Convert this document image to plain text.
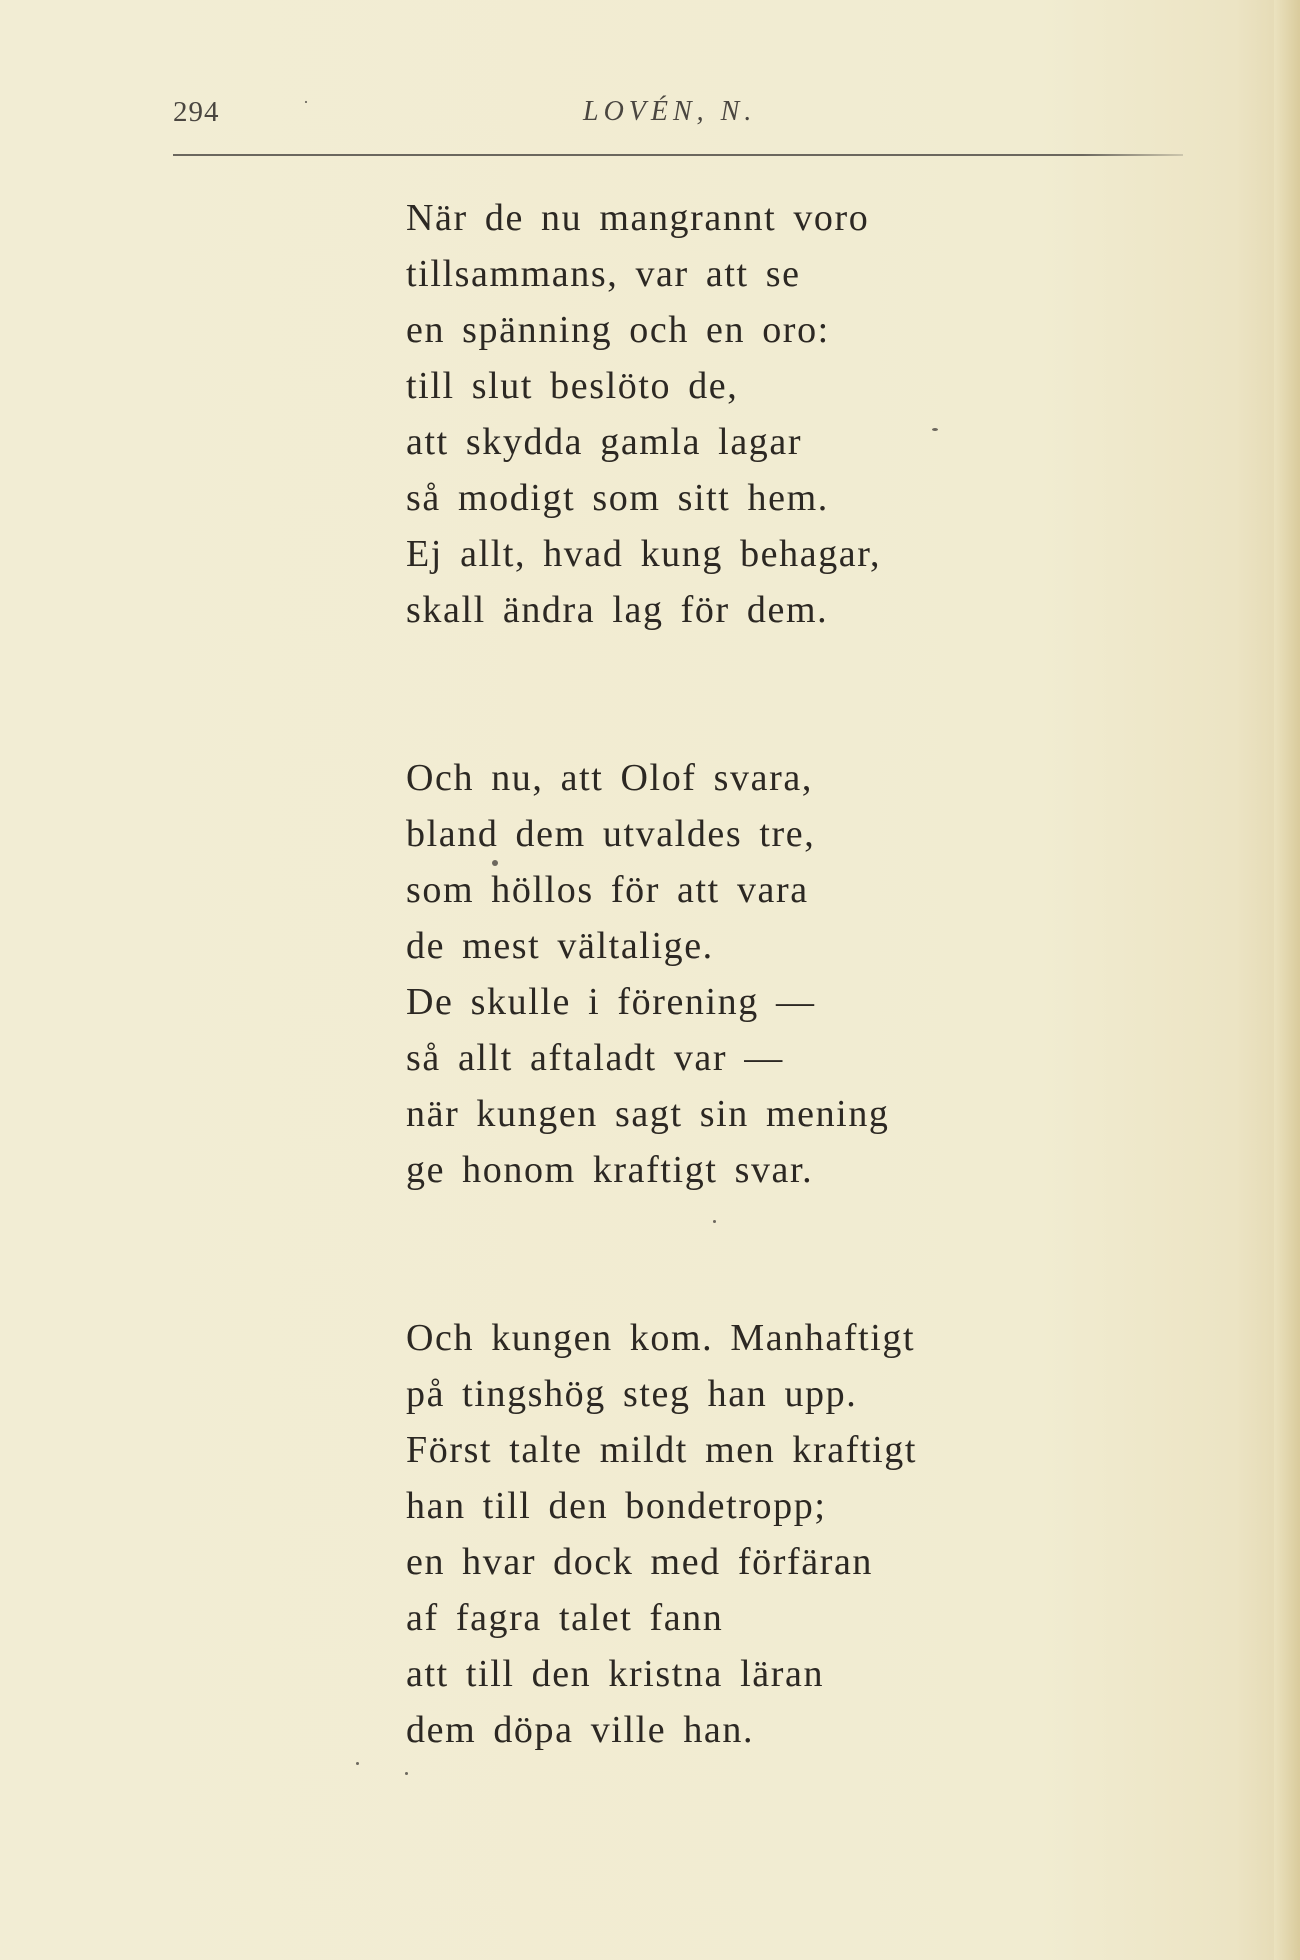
294	·	LOVÉN, N.
När de nu mangrannt voro
tillsammans, var att se
en spänning och en oro:
till slut beslöto de,
att skydda gamla lagar
så modigt som sitt hem.
Ej allt, hvad kung behagar,
skall ändra lag för dem.
Och nu, att Olof svara,
bland dem utvaldes tre,
som höllos för att vara
de mest vältalige.
De skulle i förening —
så allt aftaladt var —
när kungen sagt sin mening
ge honom kraftigt svar.
Och kungen kom. Manhaftigt
på tingshög steg han upp.
Först talte mildt men kraftigt
han till den bondetropp;
en hvar dock med förfäran
af fagra talet fann
att till den kristna läran
dem döpa ville han.
